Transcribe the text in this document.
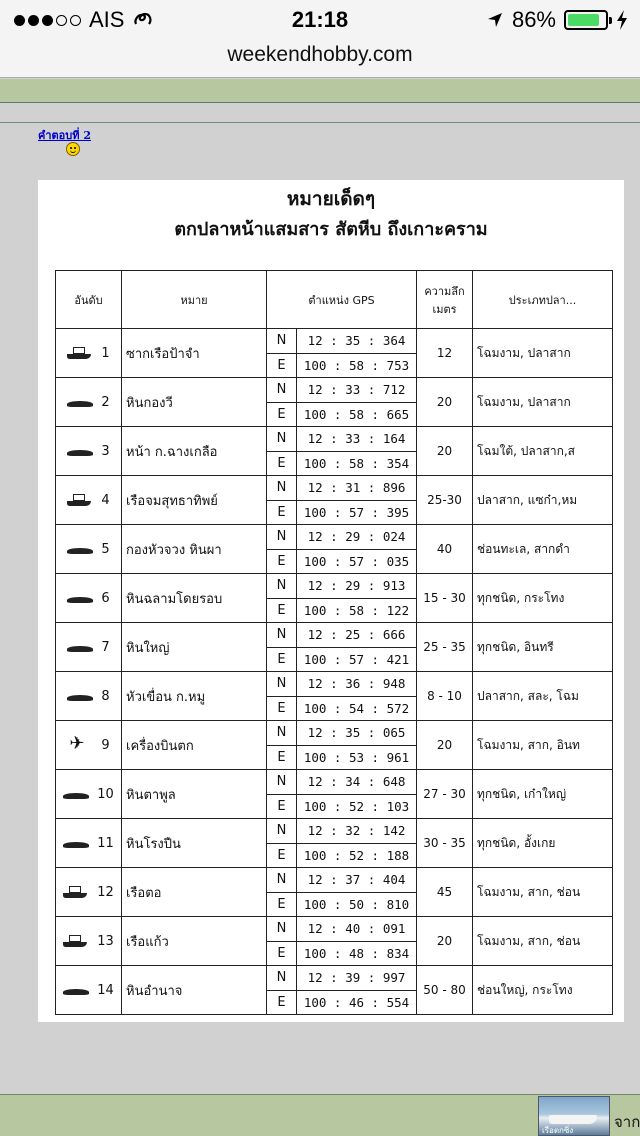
AIS	21:18	86%
weekendhobby.com
คำตอบที่ 2
หมายเด็ดๆ
ตกปลาหน้าแสมสาร สัตหีบ ถึงเกาะคราม
อันดับ	หมาย	ตำแหน่ง GPS		ความลึก เมตร	ประเภทปลา...

1	ซากเรือป้าจำ	N	12 : 35 : 364	12	โฉมงาม, ปลาสาก
		E	100 : 58 : 753		

2	หินกองวี	N	12 : 33 : 712	20	โฉมงาม, ปลาสาก
		E	100 : 58 : 665		

3	หน้า ก.ฉางเกลือ	N	12 : 33 : 164	20	โฉมใต้, ปลาสาก,ส
		E	100 : 58 : 354		

4	เรือจมสุทธาทิพย์	N	12 : 31 : 896	25-30	ปลาสาก, แซก๋า,หม
		E	100 : 57 : 395		

5	กองหัวจวง หินผา	N	12 : 29 : 024	40	ช่อนทะเล, สากดำ
		E	100 : 57 : 035		

6	หินฉลามโดยรอบ	N	12 : 29 : 913	15 - 30	ทุกชนิด, กระโทง
		E	100 : 58 : 122		

7	หินใหญ่	N	12 : 25 : 666	25 - 35	ทุกชนิด, อินทรี
		E	100 : 57 : 421		

8	หัวเขื่อน ก.หมู	N	12 : 36 : 948	8 - 10	ปลาสาก, สละ, โฉม
		E	100 : 54 : 572		

✈
9	เครื่องบินตก	N	12 : 35 : 065	20	โฉมงาม, สาก, อินท
		E	100 : 53 : 961		

10	หินตาพูล	N	12 : 34 : 648	27 - 30	ทุกชนิด, เก๋าใหญ่
		E	100 : 52 : 103		

11	หินโรงปืน	N	12 : 32 : 142	30 - 35	ทุกชนิด, อั้งเกย
		E	100 : 52 : 188		

12	เรือตอ	N	12 : 37 : 404	45	โฉมงาม, สาก, ช่อน
		E	100 : 50 : 810		

13	เรือแก้ว	N	12 : 40 : 091	20	โฉมงาม, สาก, ช่อน
		E	100 : 48 : 834		

14	หินอำนาจ	N	12 : 39 : 997	50 - 80	ช่อนใหญ่, กระโทง
		E	100 : 46 : 554		
เรือตกซิ่ง	จาก
